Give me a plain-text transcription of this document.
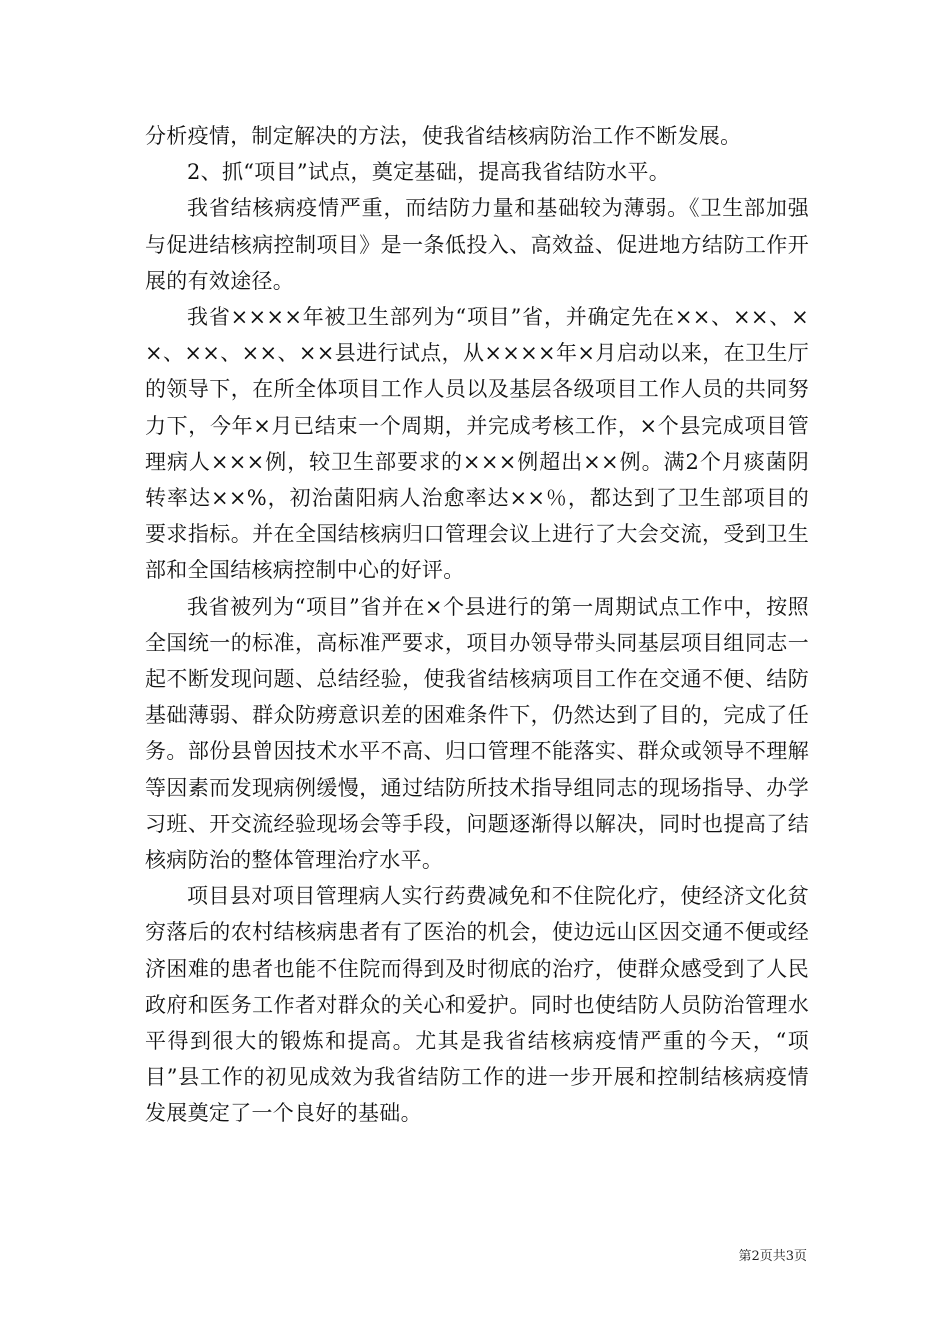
分析疫情，制定解决的方法，使我省结核病防治工作不断发展。

2、抓“项目”试点，奠定基础，提高我省结防水平。

我省结核病疫情严重，而结防力量和基础较为薄弱。《卫生部加强与促进结核病控制项目》是一条低投入、高效益、促进地方结防工作开展的有效途径。

我省××××年被卫生部列为“项目”省，并确定先在××、××、××、××、××、××县进行试点，从××××年×月启动以来，在卫生厅的领导下，在所全体项目工作人员以及基层各级项目工作人员的共同努力下，今年×月已结束一个周期，并完成考核工作，×个县完成项目管理病人×××例，较卫生部要求的×××例超出××例。满2个月痰菌阴转率达××%，初治菌阳病人治愈率达××％，都达到了卫生部项目的要求指标。并在全国结核病归口管理会议上进行了大会交流，受到卫生部和全国结核病控制中心的好评。

我省被列为“项目”省并在×个县进行的第一周期试点工作中，按照全国统一的标准，高标准严要求，项目办领导带头同基层项目组同志一起不断发现问题、总结经验，使我省结核病项目工作在交通不便、结防基础薄弱、群众防痨意识差的困难条件下，仍然达到了目的，完成了任务。部份县曾因技术水平不高、归口管理不能落实、群众或领导不理解等因素而发现病例缓慢，通过结防所技术指导组同志的现场指导、办学习班、开交流经验现场会等手段，问题逐渐得以解决，同时也提高了结核病防治的整体管理治疗水平。

项目县对项目管理病人实行药费减免和不住院化疗，使经济文化贫穷落后的农村结核病患者有了医治的机会，使边远山区因交通不便或经济困难的患者也能不住院而得到及时彻底的治疗，使群众感受到了人民政府和医务工作者对群众的关心和爱护。同时也使结防人员防治管理水平得到很大的锻炼和提高。尤其是我省结核病疫情严重的今天，“项目”县工作的初见成效为我省结防工作的进一步开展和控制结核病疫情发展奠定了一个良好的基础。

第2页共3页
